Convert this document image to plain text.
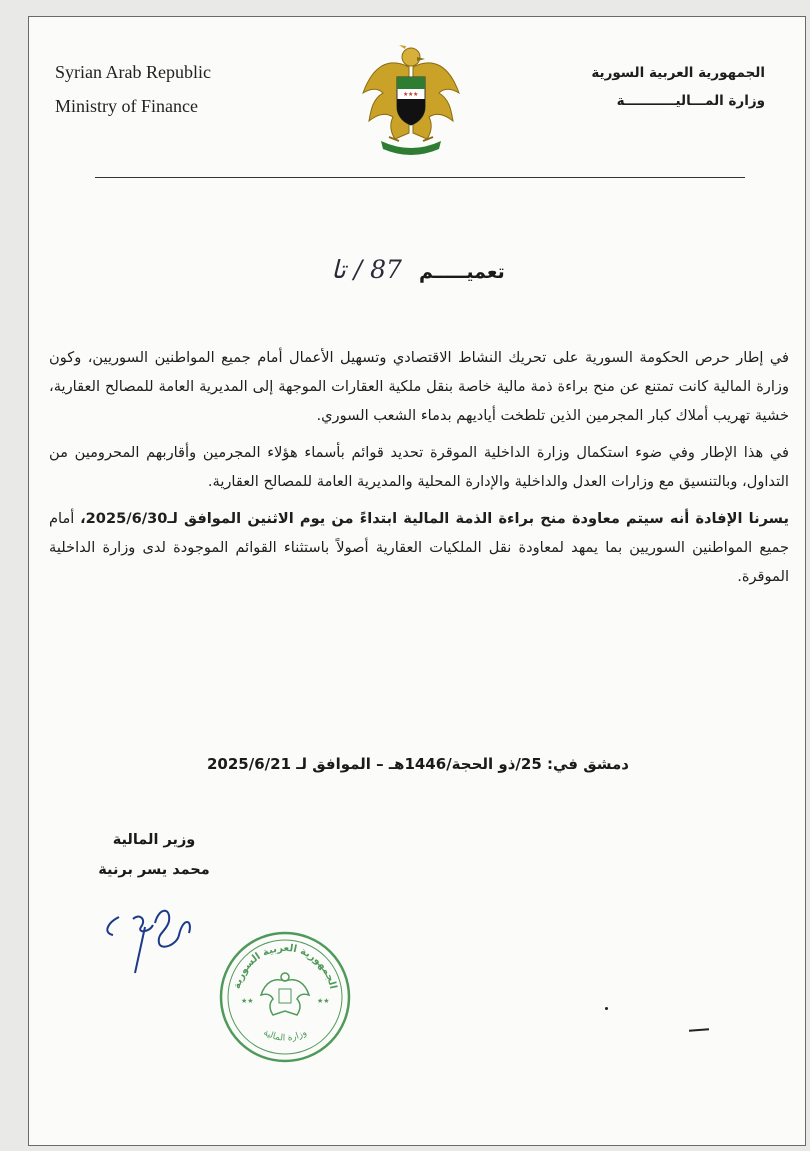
Syrian Arab Republic
Ministry of Finance
★ ★ ★
الجمهورية العربية السورية
وزارة المـــاليـــــــــــة
تعميـــــم 87 / تا

في إطار حرص الحكومة السورية على تحريك النشاط الاقتصادي وتسهيل الأعمال أمام جميع المواطنين السوريين، وكون وزارة المالية كانت تمتنع عن منح براءة ذمة مالية خاصة بنقل ملكية العقارات الموجهة إلى المديرية العامة للمصالح العقارية، خشية تهريب أملاك كبار المجرمين الذين تلطخت أياديهم بدماء الشعب السوري.

في هذا الإطار وفي ضوء استكمال وزارة الداخلية الموقرة تحديد قوائم بأسماء هؤلاء المجرمين وأقاربهم المحرومين من التداول، وبالتنسيق مع وزارات العدل والداخلية والإدارة المحلية والمديرية العامة للمصالح العقارية.

يسرنا الإفادة أنه سيتم معاودة منح براءة الذمة المالية ابتداءً من يوم الاثنين الموافق لـ2025/6/30، أمام جميع المواطنين السوريين بما يمهد لمعاودة نقل الملكيات العقارية أصولاً باستثناء القوائم الموجودة لدى وزارة الداخلية الموقرة.

دمشق في: 25/ذو الحجة/1446هـ – الموافق لـ 2025/6/21
وزير المالية
محمد يسر برنية
الجمهورية العربية السورية
وزارة المالية
★★	★★
